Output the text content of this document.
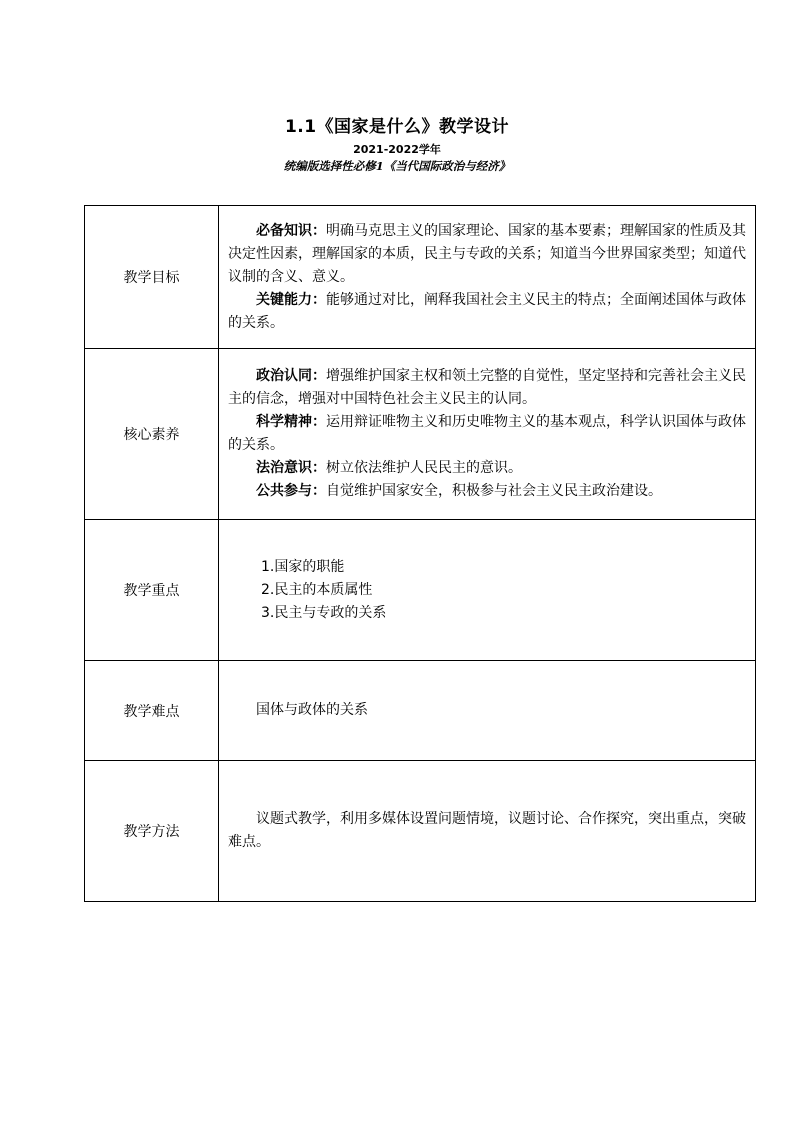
1.1《国家是什么》教学设计
2021-2022学年
统编版选择性必修1《当代国际政治与经济》
教学目标	必备知识：明确马克思主义的国家理论、国家的基本要素；理解国家的性质及其决定性因素，理解国家的本质，民主与专政的关系；知道当今世界国家类型；知道代议制的含义、意义。

关键能力：能够通过对比，阐释我国社会主义民主的特点；全面阐述国体与政体的关系。

核心素养	政治认同：增强维护国家主权和领土完整的自觉性，坚定坚持和完善社会主义民主的信念，增强对中国特色社会主义民主的认同。

科学精神：运用辩证唯物主义和历史唯物主义的基本观点，科学认识国体与政体的关系。

法治意识：树立依法维护人民民主的意识。

公共参与：自觉维护国家安全，积极参与社会主义民主政治建设。

教学重点	1.国家的职能
2.民主的本质属性
3.民主与专政的关系

教学难点	国体与政体的关系

教学方法	议题式教学，利用多媒体设置问题情境，议题讨论、合作探究，突出重点，突破难点。
